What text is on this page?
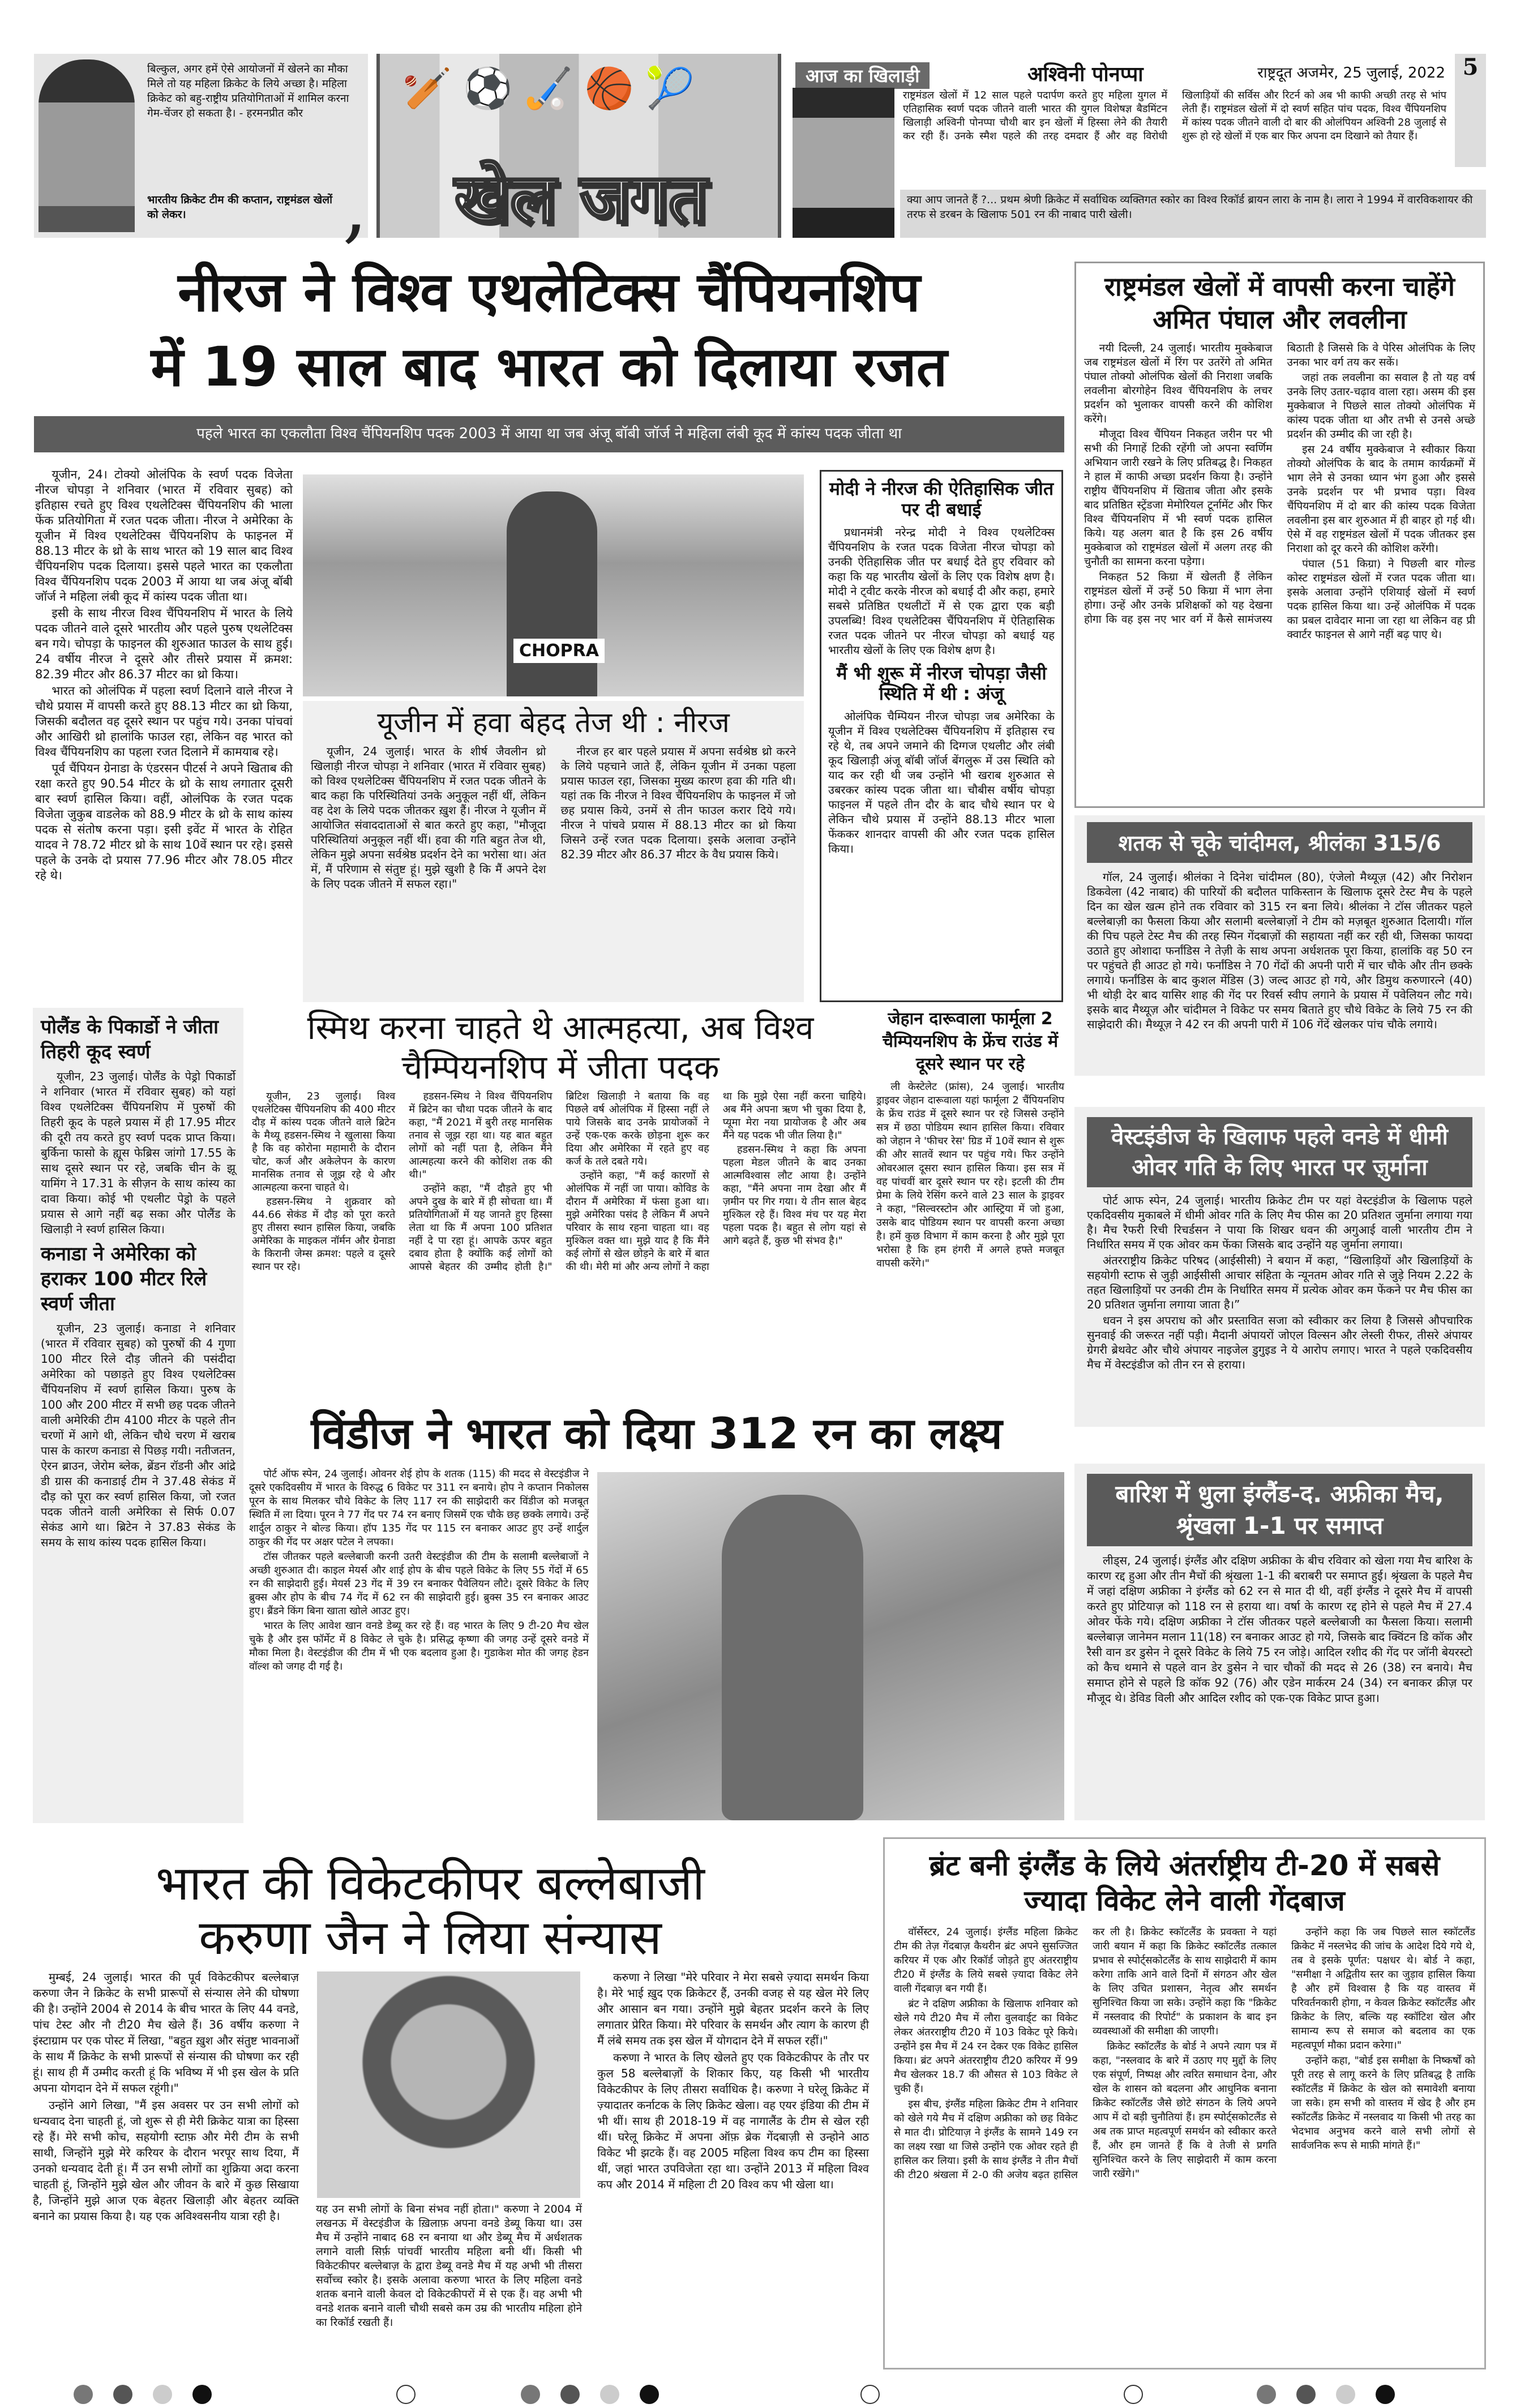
बिल्कुल, अगर हमें ऐसे आयोजनों में खेलने का मौका मिले तो यह महिला क्रिकेट के लिये अच्छा है। महिला क्रिकेट को बहु-राष्ट्रीय प्रतियोगिताओं में शामिल करना गेम-चेंजर हो सकता है। - हरमनप्रीत कौर
भारतीय क्रिकेट टीम की कप्तान, राष्ट्रमंडल खेलों को लेकर।	,
🏏⚽🏑🏀🎾
खेल जगत
आज का खिलाड़ी	अश्विनी पोनप्पा	राष्ट्रदूत अजमेर, 25 जुलाई, 2022 5
राष्ट्रमंडल खेलों में 12 साल पहले पदार्पण करते हुए महिला युगल में एतिहासिक स्वर्ण पदक जीतने वाली भारत की युगल विशेषज्ञ बैडमिंटन खिलाड़ी अश्विनी पोनप्पा चौथी बार इन खेलों में हिस्सा लेने की तैयारी कर रही हैं। उनके स्मैश पहले की तरह दमदार हैं और वह विरोधी खिलाड़ियों की सर्विस और रिटर्न को अब भी काफी अच्छी तरह से भांप लेती हैं। राष्ट्रमंडल खेलों में दो स्वर्ण सहित पांच पदक, विश्व चैंपियनशिप में कांस्य पदक जीतने वाली दो बार की ओलंपियन अश्विनी 28 जुलाई से शुरू हो रहे खेलों में एक बार फिर अपना दम दिखाने को तैयार हैं।
क्या आप जानते हैं ?... प्रथम श्रेणी क्रिकेट में सर्वाधिक व्यक्तिगत स्कोर का विश्व रिकॉर्ड ब्रायन लारा के नाम है। लारा ने 1994 में वारविकशायर की तरफ से डरबन के खिलाफ 501 रन की नाबाद पारी खेली।
नीरज ने विश्व एथलेटिक्स चैंपियनशिप
में 19 साल बाद भारत को दिलाया रजत
पहले भारत का एकलौता विश्व चैंपियनशिप पदक 2003 में आया था जब अंजू बॉबी जॉर्ज ने महिला लंबी कूद में कांस्य पदक जीता था

यूजीन, 24। टोक्यो ओलंपिक के स्वर्ण पदक विजेता नीरज चोपड़ा ने शनिवार (भारत में रविवार सुबह) को इतिहास रचते हुए विश्व एथलेटिक्स चैंपियनशिप की भाला फेंक प्रतियोगिता में रजत पदक जीता। नीरज ने अमेरिका के यूजीन में विश्व एथलेटिक्स चैंपियनशिप के फाइनल में 88.13 मीटर के थ्रो के साथ भारत को 19 साल बाद विश्व चैंपियनशिप पदक दिलाया। इससे पहले भारत का एकलौता विश्व चैंपियनशिप पदक 2003 में आया था जब अंजू बॉबी जॉर्ज ने महिला लंबी कूद में कांस्य पदक जीता था।

इसी के साथ नीरज विश्व चैंपियनशिप में भारत के लिये पदक जीतने वाले दूसरे भारतीय और पहले पुरुष एथलेटिक्स बन गये। चोपड़ा के फाइनल की शुरुआत फाउल के साथ हुई। 24 वर्षीय नीरज ने दूसरे और तीसरे प्रयास में क्रमश: 82.39 मीटर और 86.37 मीटर का थ्रो किया।

भारत को ओलंपिक में पहला स्वर्ण दिलाने वाले नीरज ने चौथे प्रयास में वापसी करते हुए 88.13 मीटर का थ्रो किया, जिसकी बदौलत वह दूसरे स्थान पर पहुंच गये। उनका पांचवां और आखिरी थ्रो हालांकि फाउल रहा, लेकिन वह भारत को विश्व चैंपियनशिप का पहला रजत दिलाने में कामयाब रहे।

पूर्व चैंपियन ग्रेनाडा के एंडरसन पीटर्स ने अपने खिताब की रक्षा करते हुए 90.54 मीटर के थ्रो के साथ लगातार दूसरी बार स्वर्ण हासिल किया। वहीं, ओलंपिक के रजत पदक विजेता जुकुब वाडलेक को 88.9 मीटर के थ्रो के साथ कांस्य पदक से संतोष करना पड़ा। इसी इवेंट में भारत के रोहित यादव ने 78.72 मीटर थ्रो के साथ 10वें स्थान पर रहे। इससे पहले के उनके दो प्रयास 77.96 मीटर और 78.05 मीटर रहे थे।

CHOPRA
यूजीन में हवा बेहद तेज थी : नीरज

यूजीन, 24 जुलाई। भारत के शीर्ष जैवलीन थ्रो खिलाड़ी नीरज चोपड़ा ने शनिवार (भारत में रविवार सुबह) को विश्व एथलेटिक्स चैंपियनशिप में रजत पदक जीतने के बाद कहा कि परिस्थितियां उनके अनुकूल नहीं थीं, लेकिन वह देश के लिये पदक जीतकर ख़ुश हैं। नीरज ने यूजीन में आयोजित संवाददाताओं से बात करते हुए कहा, "मौजूदा परिस्थितियां अनुकूल नहीं थीं। हवा की गति बहुत तेज थी, लेकिन मुझे अपना सर्वश्रेष्ठ प्रदर्शन देने का भरोसा था। अंत में, मैं परिणाम से संतुष्ट हूं। मुझे खुशी है कि मैं अपने देश के लिए पदक जीतने में सफल रहा।"

नीरज हर बार पहले प्रयास में अपना सर्वश्रेष्ठ थ्रो करने के लिये पहचाने जाते हैं, लेकिन यूजीन में उनका पहला प्रयास फाउल रहा, जिसका मुख्य कारण हवा की गति थी। यहां तक कि नीरज ने विश्व चैंपियनशिप के फाइनल में जो छह प्रयास किये, उनमें से तीन फाउल करार दिये गये। नीरज ने पांचवे प्रयास में 88.13 मीटर का थ्रो किया जिसने उन्हें रजत पदक दिलाया। इसके अलावा उन्होंने 82.39 मीटर और 86.37 मीटर के वैध प्रयास किये।

मोदी ने नीरज की ऐतिहासिक जीत पर दी बधाई

प्रधानमंत्री नरेन्द्र मोदी ने विश्व एथलेटिक्स चैंपियनशिप के रजत पदक विजेता नीरज चोपड़ा को उनकी ऐतिहासिक जीत पर बधाई देते हुए रविवार को कहा कि यह भारतीय खेलों के लिए एक विशेष क्षण है। मोदी ने ट्वीट करके नीरज को बधाई दी और कहा, हमारे सबसे प्रतिष्ठित एथलीटों में से एक द्वारा एक बड़ी उपलब्धि! विश्व एथलेटिक्स चैंपियनशिप में ऐतिहासिक रजत पदक जीतने पर नीरज चोपड़ा को बधाई यह भारतीय खेलों के लिए एक विशेष क्षण है।

मैं भी शुरू में नीरज चोपड़ा जैसी स्थिति में थी : अंजू

ओलंपिक चैम्पियन नीरज चोपड़ा जब अमेरिका के यूजीन में विश्व एथलेटिक्स चैंपियनशिप में इतिहास रच रहे थे, तब अपने जमाने की दिग्गज एथलीट और लंबी कूद खिलाड़ी अंजू बॉबी जॉर्ज बेंगलुरू में उस स्थिति को याद कर रही थी जब उन्होंने भी खराब शुरुआत से उबरकर कांस्य पदक जीता था। चौबीस वर्षीय चोपड़ा फाइनल में पहले तीन दौर के बाद चौथे स्थान पर थे लेकिन चौथे प्रयास में उन्होंने 88.13 मीटर भाला फेंककर शानदार वापसी की और रजत पदक हासिल किया।

राष्ट्रमंडल खेलों में वापसी करना चाहेंगे अमित पंघाल और लवलीना

नयी दिल्ली, 24 जुलाई। भारतीय मुक्केबाज जब राष्ट्रमंडल खेलों में रिंग पर उतरेंगे तो अमित पंघाल तोक्यो ओलंपिक खेलों की निराशा जबकि लवलीना बोरगोहेन विश्व चैंपियनशिप के लचर प्रदर्शन को भुलाकर वापसी करने की कोशिश करेंगे।

मौजूदा विश्व चैंपियन निकहत जरीन पर भी सभी की निगाहें टिकी रहेंगी जो अपना स्वर्णिम अभियान जारी रखने के लिए प्रतिबद्ध है। निकहत ने हाल में काफी अच्छा प्रदर्शन किया है। उन्होंने राष्ट्रीय चैंपियनशिप में खिताब जीता और इसके बाद प्रतिष्ठित स्ट्रेंडजा मेमोरियल टूर्नामेंट और फिर विश्व चैंपियनशिप में भी स्वर्ण पदक हासिल किये। यह अलग बात है कि इस 26 वर्षीय मुक्केबाज को राष्ट्रमंडल खेलों में अलग तरह की चुनौती का सामना करना पड़ेगा।

निकहत 52 किग्रा में खेलती हैं लेकिन राष्ट्रमंडल खेलों में उन्हें 50 किग्रा में भाग लेना होगा। उन्हें और उनके प्रशिक्षकों को यह देखना होगा कि वह इस नए भार वर्ग में कैसे सामंजस्य बिठाती है जिससे कि वे पेरिस ओलंपिक के लिए उनका भार वर्ग तय कर सकें।

जहां तक लवलीना का सवाल है तो यह वर्ष उनके लिए उतार-चढ़ाव वाला रहा। असम की इस मुक्केबाज ने पिछले साल तोक्यो ओलंपिक में कांस्य पदक जीता था और तभी से उनसे अच्छे प्रदर्शन की उम्मीद की जा रही है।

इस 24 वर्षीय मुक्केबाज ने स्वीकार किया तोक्यो ओलंपिक के बाद के तमाम कार्यक्रमों में भाग लेने से उनका ध्यान भंग हुआ और इससे उनके प्रदर्शन पर भी प्रभाव पड़ा। विश्व चैंपियनशिप में दो बार की कांस्य पदक विजेता लवलीना इस बार शुरुआत में ही बाहर हो गई थी। ऐसे में वह राष्ट्रमंडल खेलों में पदक जीतकर इस निराशा को दूर करने की कोशिश करेंगी।

पंघाल (51 किग्रा) ने पिछली बार गोल्ड कोस्ट राष्ट्रमंडल खेलों में रजत पदक जीता था। इसके अलावा उन्होंने एशियाई खेलों में स्वर्ण पदक हासिल किया था। उन्हें ओलंपिक में पदक का प्रबल दावेदार माना जा रहा था लेकिन वह प्री क्वार्टर फाइनल से आगे नहीं बढ़ पाए थे।

शतक से चूके चांदीमल, श्रीलंका 315/6

गॉल, 24 जुलाई। श्रीलंका ने दिनेश चांदीमल (80), एंजेलो मैथ्यूज़ (42) और निरोशन डिकवेला (42 नाबाद) की पारियों की बदौलत पाकिस्तान के खिलाफ दूसरे टेस्ट मैच के पहले दिन का खेल खत्म होने तक रविवार को 315 रन बना लिये। श्रीलंका ने टॉस जीतकर पहले बल्लेबाज़ी का फैसला किया और सलामी बल्लेबाज़ों ने टीम को मज़बूत शुरुआत दिलायी। गॉल की पिच पहले टेस्ट मैच की तरह स्पिन गेंदबाज़ों की सहायता नहीं कर रही थी, जिसका फायदा उठाते हुए ओशादा फर्नांडिस ने तेज़ी के साथ अपना अर्धशतक पूरा किया, हालांकि वह 50 रन पर पहुंचते ही आउट हो गये। फर्नांडिस ने 70 गेंदों की अपनी पारी में चार चौके और तीन छक्के लगाये। फर्नांडिस के बाद कुशल मेंडिस (3) जल्द आउट हो गये, और डिमुथ करुणारत्ने (40) भी थोड़ी देर बाद यासिर शाह की गेंद पर रिवर्स स्वीप लगाने के प्रयास में पवेलियन लौट गये। इसके बाद मैथ्यूज़ और चांदीमल ने विकेट पर समय बिताते हुए चौथे विकेट के लिये 75 रन की साझेदारी की। मैथ्यूज़ ने 42 रन की अपनी पारी में 106 गेंदें खेलकर पांच चौके लगाये।

वेस्टइंडीज के खिलाफ पहले वनडे में धीमी ओवर गति के लिए भारत पर ज़ुर्माना

पोर्ट आफ स्पेन, 24 जुलाई। भारतीय क्रिकेट टीम पर यहां वेस्टइंडीज के खिलाफ पहले एकदिवसीय मुकाबले में धीमी ओवर गति के लिए मैच फीस का 20 प्रतिशत जुर्माना लगाया गया है। मैच रैफरी रिची रिचर्डसन ने पाया कि शिखर धवन की अगुआई वाली भारतीय टीम ने निर्धारित समय में एक ओवर कम फेंका जिसके बाद उन्होंने यह जुर्माना लगाया।

अंतरराष्ट्रीय क्रिकेट परिषद (आईसीसी) ने बयान में कहा, “खिलाड़ियों और खिलाड़ियों के सहयोगी स्टाफ से जुड़ी आईसीसी आचार संहिता के न्यूनतम ओवर गति से जुड़े नियम 2.22 के तहत खिलाड़ियों पर उनकी टीम के निर्धारित समय में प्रत्येक ओवर कम फेंकने पर मैच फीस का 20 प्रतिशत जुर्माना लगाया जाता है।”

धवन ने इस अपराध को और प्रस्तावित सजा को स्वीकार कर लिया है जिससे औपचारिक सुनवाई की जरूरत नहीं पड़ी। मैदानी अंपायरों जोएल विल्सन और लेस्ली रीफर, तीसरे अंपायर ग्रेगरी ब्रेथवेट और चौथे अंपायर नाइजेल डुगुइड ने ये आरोप लगाए। भारत ने पहले एकदिवसीय मैच में वेस्टइंडीज को तीन रन से हराया।

बारिश में धुला इंग्लैंड-द. अफ्रीका मैच, श्रृंखला 1-1 पर समाप्त

लीड्स, 24 जुलाई। इंग्लैंड और दक्षिण अफ्रीका के बीच रविवार को खेला गया मैच बारिश के कारण रद्द हुआ और तीन मैचों की श्रृंखला 1-1 की बराबरी पर समाप्त हुई। श्रृंखला के पहले मैच में जहां दक्षिण अफ्रीका ने इंग्लैंड को 62 रन से मात दी थी, वहीं इंग्लैंड ने दूसरे मैच में वापसी करते हुए प्रोटियाज़ को 118 रन से हराया था। वर्षा के कारण रद्द होने से पहले मैच में 27.4 ओवर फेंके गये। दक्षिण अफ्रीका ने टॉस जीतकर पहले बल्लेबाजी का फैसला किया। सलामी बल्लेबाज़ जानेमन मलान 11(18) रन बनाकर आउट हो गये, जिसके बाद क्विंटन डि कॉक और रैसी वान डर डुसेन ने दूसरे विकेट के लिये 75 रन जोड़े। आदिल रशीद की गेंद पर जॉनी बेयरस्टो को कैच थमाने से पहले वान डेर डुसेन ने चार चौकों की मदद से 26 (38) रन बनाये। मैच समाप्त होने से पहले डि कॉक 92 (76) और एडेन मार्करम 24 (34) रन बनाकर क्रीज़ पर मौजूद थे। डेविड विली और आदिल रशीद को एक-एक विकेट प्राप्त हुआ।

पोलैंड के पिकार्डो ने जीता तिहरी कूद स्वर्ण

यूजीन, 23 जुलाई। पोलैंड के पेड्रो पिकार्डो ने शनिवार (भारत में रविवार सुबह) को यहां विश्व एथलेटिक्स चैंपियनशिप में पुरुषों की तिहरी कूद के पहले प्रयास में ही 17.95 मीटर की दूरी तय करते हुए स्वर्ण पदक प्राप्त किया। बुर्किना फासो के ह्यूस फेब्रिस जांगो 17.55 के साथ दूसरे स्थान पर रहे, जबकि चीन के झू यामिंग ने 17.31 के सीज़न के साथ कांस्य का दावा किया। कोई भी एथलीट पेड्रो के पहले प्रयास से आगे नहीं बढ़ सका और पोलैंड के खिलाड़ी ने स्वर्ण हासिल किया।

कनाडा ने अमेरिका को हराकर 100 मीटर रिले स्वर्ण जीता

यूजीन, 23 जुलाई। कनाडा ने शनिवार (भारत में रविवार सुबह) को पुरुषों की 4 गुणा 100 मीटर रिले दौड़ जीतने की पसंदीदा अमेरिका को पछाड़ते हुए विश्व एथलेटिक्स चैंपियनशिप में स्वर्ण हासिल किया। पुरुष के 100 और 200 मीटर में सभी छह पदक जीतने वाली अमेरिकी टीम 4100 मीटर के पहले तीन चरणों में आगे थी, लेकिन चौथे चरण में खराब पास के कारण कनाडा से पिछड़ गयी। नतीजतन, ऐरन ब्राउन, जेरोम ब्लेक, ब्रेंडन रॉडनी और आंद्रे डी ग्रास की कनाडाई टीम ने 37.48 सेकंड में दौड़ को पूरा कर स्वर्ण हासिल किया, जो रजत पदक जीतने वाली अमेरिका से सिर्फ 0.07 सेकंड आगे था। ब्रिटेन ने 37.83 सेकंड के समय के साथ कांस्य पदक हासिल किया।

स्मिथ करना चाहते थे आत्महत्या, अब विश्व चैम्पियनशिप में जीता पदक

यूजीन, 23 जुलाई। विश्व एथलेटिक्स चैंपियनशिप की 400 मीटर दौड़ में कांस्य पदक जीतने वाले ब्रिटेन के मैथ्यू हडसन-स्मिथ ने खुलासा किया है कि वह कोरोना महामारी के दौरान चोट, कर्ज और अकेलेपन के कारण मानसिक तनाव से जूझ रहे थे और आत्महत्या करना चाहते थे।

हडसन-स्मिथ ने शुक्रवार को 44.66 सेकंड में दौड़ को पूरा करते हुए तीसरा स्थान हासिल किया, जबकि अमेरिका के माइकल नॉर्मन और ग्रेनाडा के किरानी जेम्स क्रमश: पहले व दूसरे स्थान पर रहे।

हडसन-स्मिथ ने विश्व चैंपियनशिप में ब्रिटेन का चौथा पदक जीतने के बाद कहा, "मैं 2021 में बुरी तरह मानसिक तनाव से जूझ रहा था। यह बात बहुत लोगों को नहीं पता है, लेकिन मैंने आत्महत्या करने की कोशिश तक की थी।"

उन्होंने कहा, "मैं दौड़ते हुए भी अपने दुख के बारे में ही सोचता था। मैं प्रतियोगिताओं में यह जानते हुए हिस्सा लेता था कि मैं अपना 100 प्रतिशत नहीं दे पा रहा हूं। आपके ऊपर बहुत दबाव होता है क्योंकि कई लोगों को आपसे बेहतर की उम्मीद होती है।" ब्रिटिश खिलाड़ी ने बताया कि वह पिछले वर्ष ओलंपिक में हिस्सा नहीं ले पाये जिसके बाद उनके प्रायोजकों ने उन्हें एक-एक करके छोड़ना शुरू कर दिया और अमेरिका में रहते हुए वह कर्ज के तले दबते गये।

उन्होंने कहा, "मैं कई कारणों से ओलंपिक में नहीं जा पाया। कोविड के दौरान मैं अमेरिका में फंसा हुआ था। मुझे अमेरिका पसंद है लेकिन मैं अपने परिवार के साथ रहना चाहता था। वह मुश्किल वक्त था। मुझे याद है कि मैंने कई लोगों से खेल छोड़ने के बारे में बात की थी। मेरी मां और अन्य लोगों ने कहा था कि मुझे ऐसा नहीं करना चाहिये। अब मैंने अपना ऋण भी चुका दिया है, प्यूमा मेरा नया प्रायोजक है और अब मैंने यह पदक भी जीत लिया है।"

हडसन-स्मिथ ने कहा कि अपना पहला मेडल जीतने के बाद उनका आत्मविश्वास लौट आया है। उन्होंने कहा, "मैंने अपना नाम देखा और मैं ज़मीन पर गिर गया। ये तीन साल बेहद मुश्किल रहे हैं। विश्व मंच पर यह मेरा पहला पदक है। बहुत से लोग यहां से आगे बढ़ते हैं, कुछ भी संभव है।"

जेहान दारूवाला फार्मूला 2 चैम्पियनशिप के फ्रेंच राउंड में दूसरे स्थान पर रहे

ली केस्टेलेट (फ्रांस), 24 जुलाई। भारतीय ड्राइवर जेहान दारूवाला यहां फार्मूला 2 चैंपियनशिप के फ्रेंच राउंड में दूसरे स्थान पर रहे जिससे उन्होंने सत्र में छठा पोडियम स्थान हासिल किया। रविवार को जेहान ने 'फीचर रेस' ग्रिड में 10वें स्थान से शुरू की और सातवें स्थान पर पहुंच गये। फिर उन्होंने ओवरआल दूसरा स्थान हासिल किया। इस सत्र में वह पांचवीं बार दूसरे स्थान पर रहे। इटली की टीम प्रेमा के लिये रेसिंग करने वाले 23 साल के ड्राइवर ने कहा, "सिल्वरस्टोन और आस्ट्रिया में जो हुआ, उसके बाद पोडियम स्थान पर वापसी करना अच्छा है। हमें कुछ विभाग में काम करना है और मुझे पूरा भरोसा है कि हम हंगरी में अगले हफ्ते मजबूत वापसी करेंगे।"

विंडीज ने भारत को दिया 312 रन का लक्ष्य

पोर्ट ऑफ स्पेन, 24 जुलाई। ओवनर शेई होप के शतक (115) की मदद से वेस्टइंडीज ने दूसरे एकदिवसीय में भारत के विरुद्ध 6 विकेट पर 311 रन बनाये। होप ने कप्तान निकोलस पूरन के साथ मिलकर चौथे विकेट के लिए 117 रन की साझेदारी कर विंडीज को मजबूत स्थिति में ला दिया। पूरन ने 77 गेंद पर 74 रन बनाए जिसमें एक चौके छह छक्के लगाये। उन्हें शार्दुल ठाकुर ने बोल्ड किया। हॉप 135 गेंद पर 115 रन बनाकर आउट हुए उन्हें शार्दुल ठाकुर की गेंद पर अक्षर पटेल ने लपका।

टॉस जीतकर पहले बल्लेबाजी करनी उतरी वेस्टइंडीज की टीम के सलामी बल्लेबाजों ने अच्छी शुरुआत दी। काइल मेयर्स और शाई होप के बीच पहले विकेट के लिए 55 गेंदों में 65 रन की साझेदारी हुई। मेयर्स 23 गेंद में 39 रन बनाकर पैवेलियन लौटे। दूसरे विकेट के लिए ब्रुक्स और होप के बीच 74 गेंद में 62 रन की साझेदारी हुई। ब्रुक्स 35 रन बनाकर आउट हुए। ब्रैंडने किंग बिना खाता खोले आउट हुए।

भारत के लिए आवेश खान वनडे डेब्यू कर रहे हैं। वह भारत के लिए 9 टी-20 मैच खेल चुके है और इस फॉर्मेट में 8 विकेट ले चुके है। प्रसिद्ध कृष्णा की जगह उन्हें दूसरे वनडे में मौका मिला है। वेस्टइंडीज की टीम में भी एक बदलाव हुआ है। गुडाकेश मोत की जगह हेडन वॉल्श को जगह दी गई है।

भारत की विकेटकीपर बल्लेबाजी
करुणा जैन ने लिया संन्यास

मुम्बई, 24 जुलाई। भारत की पूर्व विकेटकीपर बल्लेबाज़ करुणा जैन ने क्रिकेट के सभी प्रारूपों से संन्यास लेने की घोषणा की है। उन्होंने 2004 से 2014 के बीच भारत के लिए 44 वनडे, पांच टेस्ट और नौ टी20 मैच खेले हैं। 36 वर्षीय करुणा ने इंस्टाग्राम पर एक पोस्ट में लिखा, "बहुत ख़ुश और संतुष्ट भावनाओं के साथ मैं क्रिकेट के सभी प्रारूपों से संन्यास की घोषणा कर रही हूं। साथ ही मैं उम्मीद करती हूं कि भविष्य में भी इस खेल के प्रति अपना योगदान देने में सफल रहूंगी।"

उन्होंने आगे लिखा, "मैं इस अवसर पर उन सभी लोगों को धन्यवाद देना चाहती हूं, जो शुरू से ही मेरी क्रिकेट यात्रा का हिस्सा रहे हैं। मेरे सभी कोच, सहयोगी स्टाफ़ और मेरी टीम के सभी साथी, जिन्होंने मुझे मेरे करियर के दौरान भरपूर साथ दिया, मैं उनको धन्यवाद देती हूं। मैं उन सभी लोगों का शुक्रिया अदा करना चाहती हूं, जिन्होंने मुझे खेल और जीवन के बारे में कुछ सिखाया है, जिन्होंने मुझे आज एक बेहतर खिलाड़ी और बेहतर व्यक्ति बनाने का प्रयास किया है। यह एक अविश्वसनीय यात्रा रही है।	यह उन सभी लोगों के बिना संभव नहीं होता।" करुणा ने 2004 में लखनऊ में वेस्टइंडीज के ख़िलाफ़ अपना वनडे डेब्यू किया था। उस मैच में उन्होंने नाबाद 68 रन बनाया था और डेब्यू मैच में अर्धशतक लगाने वाली सिर्फ़ पांचवीं भारतीय महिला बनी थीं। किसी भी विकेटकीपर बल्लेबाज़ के द्वारा डेब्यू वनडे मैच में यह अभी भी तीसरा सर्वोच्च स्कोर है। इसके अलावा करुणा भारत के लिए महिला वनडे शतक बनाने वाली केवल दो विकेटकीपरों में से एक हैं। वह अभी भी वनडे शतक बनाने वाली चौथी सबसे कम उम्र की भारतीय महिला होने का रिकॉर्ड रखती हैं।

करुणा ने लिखा "मेरे परिवार ने मेरा सबसे ज़्यादा समर्थन किया है। मेरे भाई ख़ुद एक क्रिकेटर हैं, उनकी वजह से यह खेल मेरे लिए और आसान बन गया। उन्होंने मुझे बेहतर प्रदर्शन करने के लिए लगातार प्रेरित किया। मेरे परिवार के समर्थन और त्याग के कारण ही मैं लंबे समय तक इस खेल में योगदान देने में सफल रहीं।"

करुणा ने भारत के लिए खेलते हुए एक विकेटकीपर के तौर पर कुल 58 बल्लेबाज़ों के शिकार किए, यह किसी भी भारतीय विकेटकीपर के लिए तीसरा सर्वाधिक है। करुणा ने घरेलू क्रिकेट में ज़्यादातर कर्नाटक के लिए क्रिकेट खेला। वह एयर इंडिया की टीम में भी थीं। साथ ही 2018-19 में वह नागालैंड के टीम से खेल रही थीं। घरेलू क्रिकेट में अपना ऑफ़ ब्रेक गेंदबाज़ी से उन्होने आठ विकेट भी झटके हैं। वह 2005 महिला विश्व कप टीम का हिस्सा थीं, जहां भारत उपविजेता रहा था। उन्होंने 2013 में महिला विश्व कप और 2014 में महिला टी 20 विश्व कप भी खेला था।

ब्रंट बनी इंग्लैंड के लिये अंतर्राष्ट्रीय टी-20 में सबसे ज्यादा विकेट लेने वाली गेंदबाज

वॉर्सेस्टर, 24 जुलाई। इंग्लैंड महिला क्रिकेट टीम की तेज़ गेंदबाज़ कैथरीन ब्रंट अपने सुसज्जित करियर में एक और रिकॉर्ड जोड़ते हुए अंतरराष्ट्रीय टी20 में इंग्लैंड के लिये सबसे ज़्यादा विकेट लेने वाली गेंदबाज़ बन गयी हैं।

ब्रंट ने दक्षिण अफ्रीका के खिलाफ शनिवार को खेले गये टी20 मैच में लौरा वुलवार्ड्ट का विकेट लेकर अंतरराष्ट्रीय टी20 में 103 विकेट पूरे किये। उन्होंने इस मैच में 24 रन देकर एक विकेट हासिल किया। ब्रंट अपने अंतरराष्ट्रीय टी20 करियर में 99 मैच खेलकर 18.7 की औसत से 103 विकेट ले चुकी हैं।

इस बीच, इंग्लैंड महिला क्रिकेट टीम ने शनिवार को खेले गये मैच में दक्षिण अफ्रीका को छह विकेट से मात दी। प्रोटियाज़ ने इंग्लैंड के सामने 149 रन का लक्ष्य रखा था जिसे उन्होंने एक ओवर रहते ही हासिल कर लिया। इसी के साथ इंग्लैंड ने तीन मैचों की टी20 श्रंखला में 2-0 की अजेय बढ़त हासिल कर ली है। क्रिकेट स्कॉटलैंड के प्रवक्ता ने यहां जारी बयान में कहा कि क्रिकेट स्कॉटलैंड तत्काल प्रभाव से स्पोर्ट्सकोटलैंड के साथ साझेदारी में काम करेगा ताकि आने वाले दिनों में संगठन और खेल के लिए उचित प्रशासन, नेतृत्व और समर्थन सुनिश्चित किया जा सके। उन्होंने कहा कि "क्रिकेट में नस्लवाद की रिपोर्ट" के प्रकाशन के बाद इन व्यवस्थाओं की समीक्षा की जाएगी।

क्रिकेट स्कॉटलैंड के बोर्ड ने अपने त्याग पत्र में कहा, "नस्लवाद के बारे में उठाए गए मुद्दों के लिए एक संपूर्ण, निष्पक्ष और त्वरित समाधान देना, और खेल के शासन को बदलना और आधुनिक बनाना क्रिकेट स्कॉटलैंड जैसे छोटे संगठन के लिये अपने आप में दो बड़ी चुनौतियां हैं। हम स्पोर्ट्सकोटलैंड से अब तक प्राप्त महत्वपूर्ण समर्थन को स्वीकार करते हैं, और हम जानते हैं कि वे तेजी से प्रगति सुनिश्चित करने के लिए साझेदारी में काम करना जारी रखेंगे।"

उन्होंने कहा कि जब पिछले साल स्कॉटलैंड क्रिकेट में नस्लभेद की जांच के आदेश दिये गये थे, तब वे इसके पूर्णत: पक्षधर थे। बोर्ड ने कहा, "समीक्षा ने अद्वितीय स्तर का जुड़ाव हासिल किया है और हमें विश्वास है कि यह वास्तव में परिवर्तनकारी होगा, न केवल क्रिकेट स्कॉटलैंड और क्रिकेट के लिए, बल्कि यह स्कॉटिश खेल और सामान्य रूप से समाज को बदलाव का एक महत्वपूर्ण मौका प्रदान करेगा।"

उन्होंने कहा, "बोर्ड इस समीक्षा के निष्कर्षों को पूरी तरह से लागू करने के लिए प्रतिबद्ध है ताकि स्कॉटलैंड में क्रिकेट के खेल को समावेशी बनाया जा सके। हम सभी को वास्तव में खेद है और हम स्कॉटलैंड क्रिकेट में नस्लवाद या किसी भी तरह का भेदभाव अनुभव करने वाले सभी लोगों से सार्वजनिक रूप से माफ़ी मांगते हैं।"
